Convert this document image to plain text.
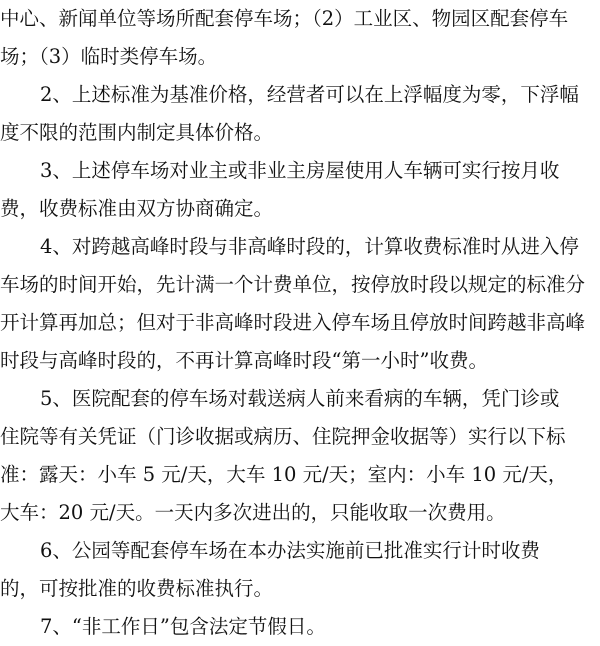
中心、新闻单位等场所配套停车场；（2）工业区、物园区配套停车
场；（3）临时类停车场。
2、上述标准为基准价格，经营者可以在上浮幅度为零，下浮幅
度不限的范围内制定具体价格。
3、上述停车场对业主或非业主房屋使用人车辆可实行按月收
费，收费标准由双方协商确定。
4、对跨越高峰时段与非高峰时段的，计算收费标准时从进入停
车场的时间开始，先计满一个计费单位，按停放时段以规定的标准分
开计算再加总；但对于非高峰时段进入停车场且停放时间跨越非高峰
时段与高峰时段的，不再计算高峰时段“第一小时”收费。
5、医院配套的停车场对载送病人前来看病的车辆，凭门诊或
住院等有关凭证（门诊收据或病历、住院押金收据等）实行以下标
准：露天：小车 5 元/天，大车 10 元/天；室内：小车 10 元/天，
大车：20 元/天。一天内多次进出的，只能收取一次费用。
6、公园等配套停车场在本办法实施前已批准实行计时收费
的，可按批准的收费标准执行。
7、“非工作日”包含法定节假日。
